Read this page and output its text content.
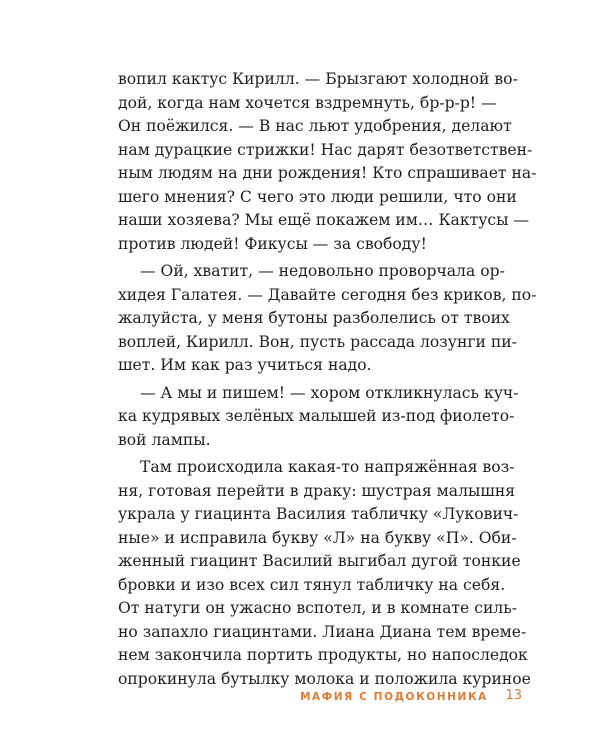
вопил кактус Кирилл. — Брызгают холодной во-
дой, когда нам хочется вздремнуть, бр-р-р! —
Он поёжился. — В нас льют удобрения, делают
нам дурацкие стрижки! Нас дарят безответствен-
ным людям на дни рождения! Кто спрашивает на-
шего мнения? С чего это люди решили, что они
наши хозяева? Мы ещё покажем им… Кактусы —
против людей! Фикусы — за свободу!
— Ой, хватит, — недовольно проворчала ор-
хидея Галатея. — Давайте сегодня без криков, по-
жалуйста, у меня бутоны разболелись от твоих
воплей, Кирилл. Вон, пусть рассада лозунги пи-
шет. Им как раз учиться надо.
— А мы и пишем! — хором откликнулась куч-
ка кудрявых зелёных малышей из-под фиолето-
вой лампы.
Там происходила какая-то напряжённая воз-
ня, готовая перейти в драку: шустрая малышня
украла у гиацинта Василия табличку «Лукович-
ные» и исправила букву «Л» на букву «П». Оби-
женный гиацинт Василий выгибал дугой тонкие
бровки и изо всех сил тянул табличку на себя.
От натуги он ужасно вспотел, и в комнате силь-
но запахло гиацинтами. Лиана Диана тем време-
нем закончила портить продукты, но напоследок
опрокинула бутылку молока и положила куриное
МАФИЯ С ПОДОКОННИКА 13
